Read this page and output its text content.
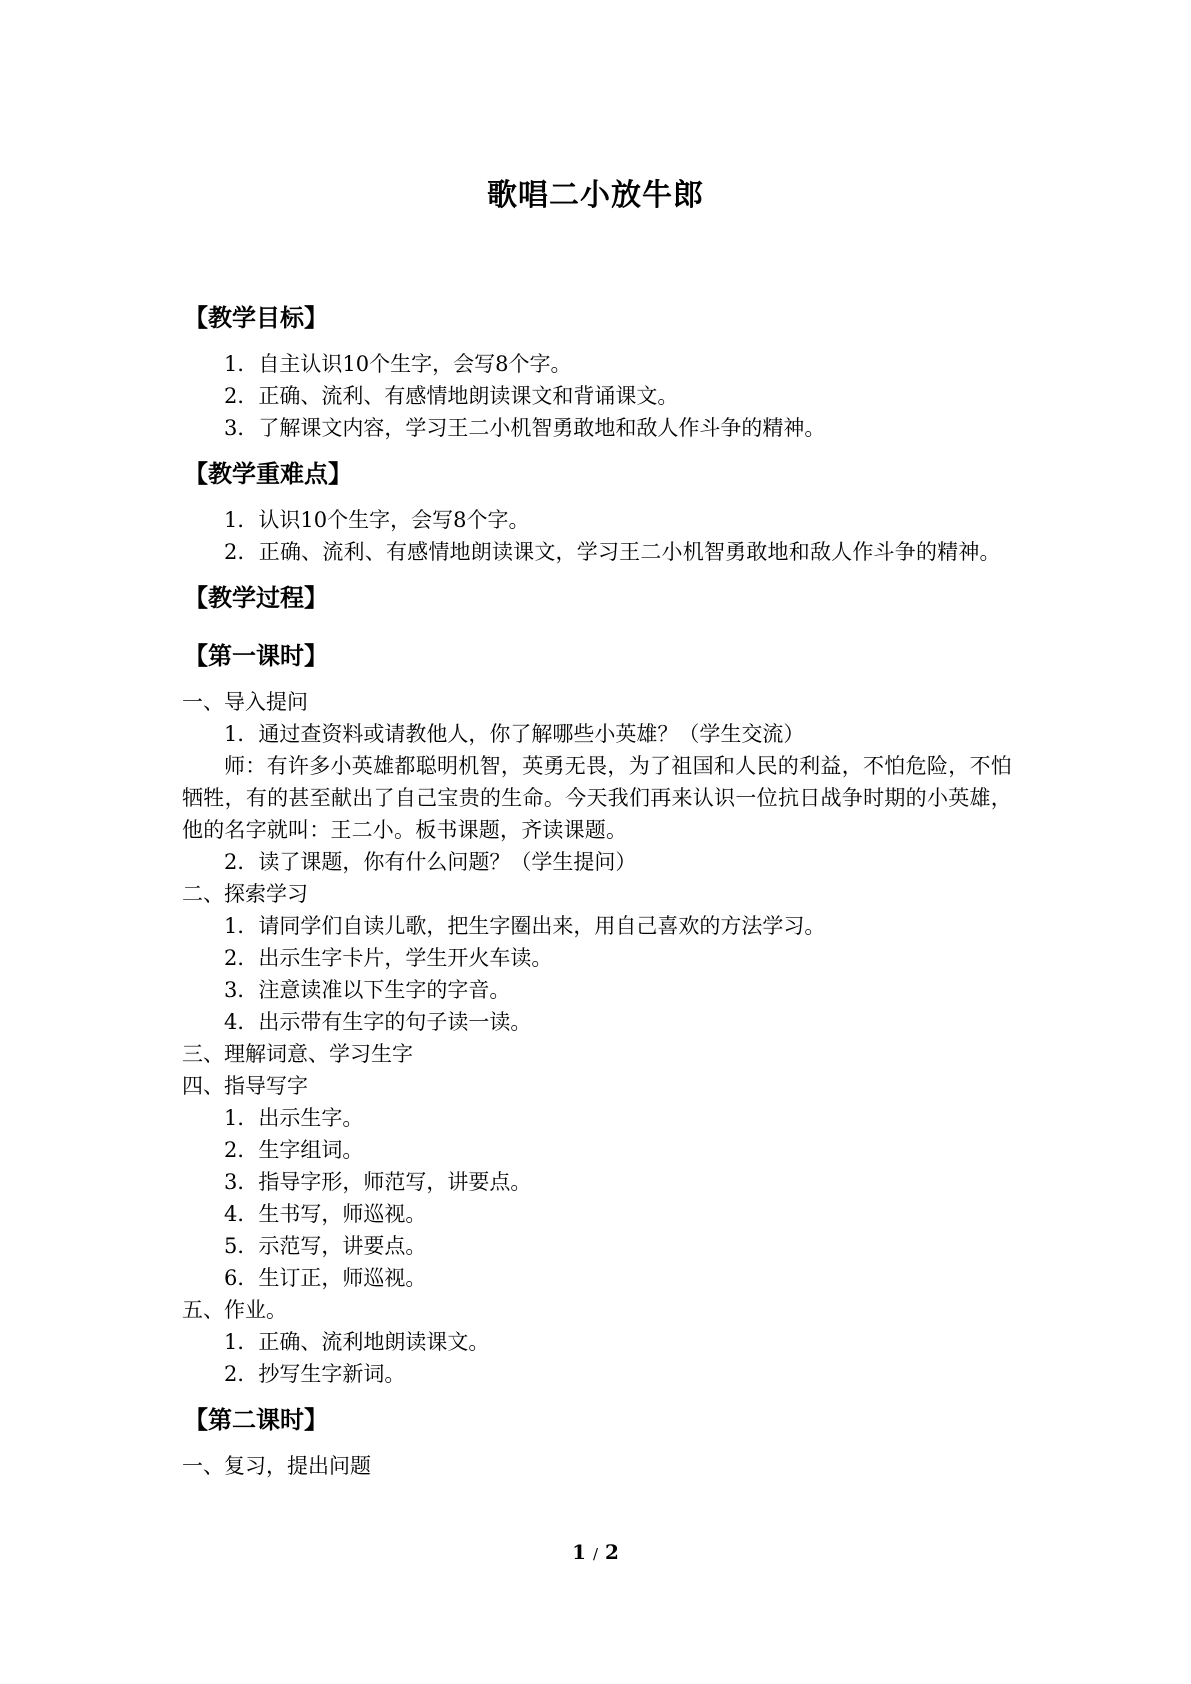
歌唱二小放牛郎
【教学目标】
1．自主认识10个生字，会写8个字。
2．正确、流利、有感情地朗读课文和背诵课文。
3．了解课文内容，学习王二小机智勇敢地和敌人作斗争的精神。
【教学重难点】
1．认识10个生字，会写8个字。
2．正确、流利、有感情地朗读课文，学习王二小机智勇敢地和敌人作斗争的精神。
【教学过程】
【第一课时】
一、导入提问
1．通过查资料或请教他人，你了解哪些小英雄？（学生交流）
师：有许多小英雄都聪明机智，英勇无畏，为了祖国和人民的利益，不怕危险，不怕牺牲，有的甚至献出了自己宝贵的生命。今天我们再来认识一位抗日战争时期的小英雄，他的名字就叫：王二小。板书课题，齐读课题。
2．读了课题，你有什么问题？（学生提问）
二、探索学习
1．请同学们自读儿歌，把生字圈出来，用自己喜欢的方法学习。
2．出示生字卡片，学生开火车读。
3．注意读准以下生字的字音。
4．出示带有生字的句子读一读。
三、理解词意、学习生字
四、指导写字
1．出示生字。
2．生字组词。
3．指导字形，师范写，讲要点。
4．生书写，师巡视。
5．示范写，讲要点。
6．生订正，师巡视。
五、作业。
1．正确、流利地朗读课文。
2．抄写生字新词。
【第二课时】
一、复习，提出问题
1 / 2
